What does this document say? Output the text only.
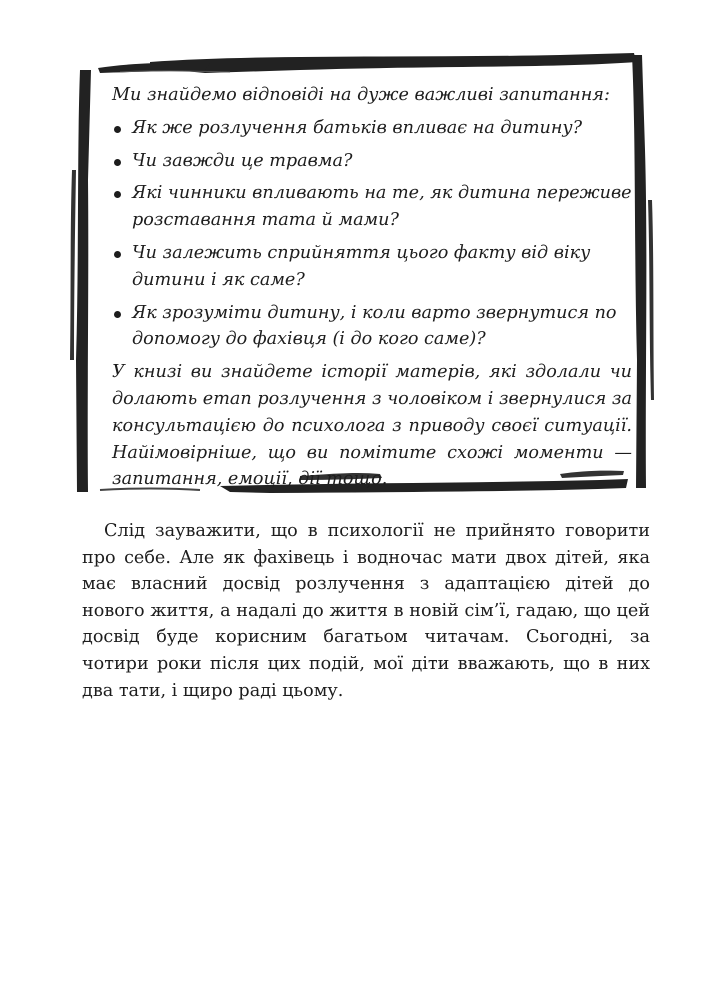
Ми знайдемо відповіді на дуже важливі запитання:

Як же розлучення батьків впливає на дитину?
Чи завжди це травма?
Які чинники впливають на те, як дитина переживе розставання тата й мами?
Чи залежить сприйняття цього факту від віку дитини і як саме?
Як зрозуміти дитину, і коли варто звернутися по допомогу до фахівця (і до кого саме)?

У книзі ви знайдете історії матерів, які здолали чи долають етап розлучення з чоловіком і звернулися за консультацією до психолога з приводу своєї ситуації. Найімовірніше, що ви помітите схожі моменти — запитання, емоції, дії тощо.

Слід зауважити, що в психології не прийнято говорити про себе. Але як фахівець і водночас мати двох дітей, яка має власний досвід розлучення з адаптацією дітей до нового життя, а надалі до життя в новій сім’ї, гадаю, що цей досвід буде корисним багатьом читачам. Сьогодні, за чотири роки після цих подій, мої діти вважають, що в них два тати, і щиро раді цьому.
